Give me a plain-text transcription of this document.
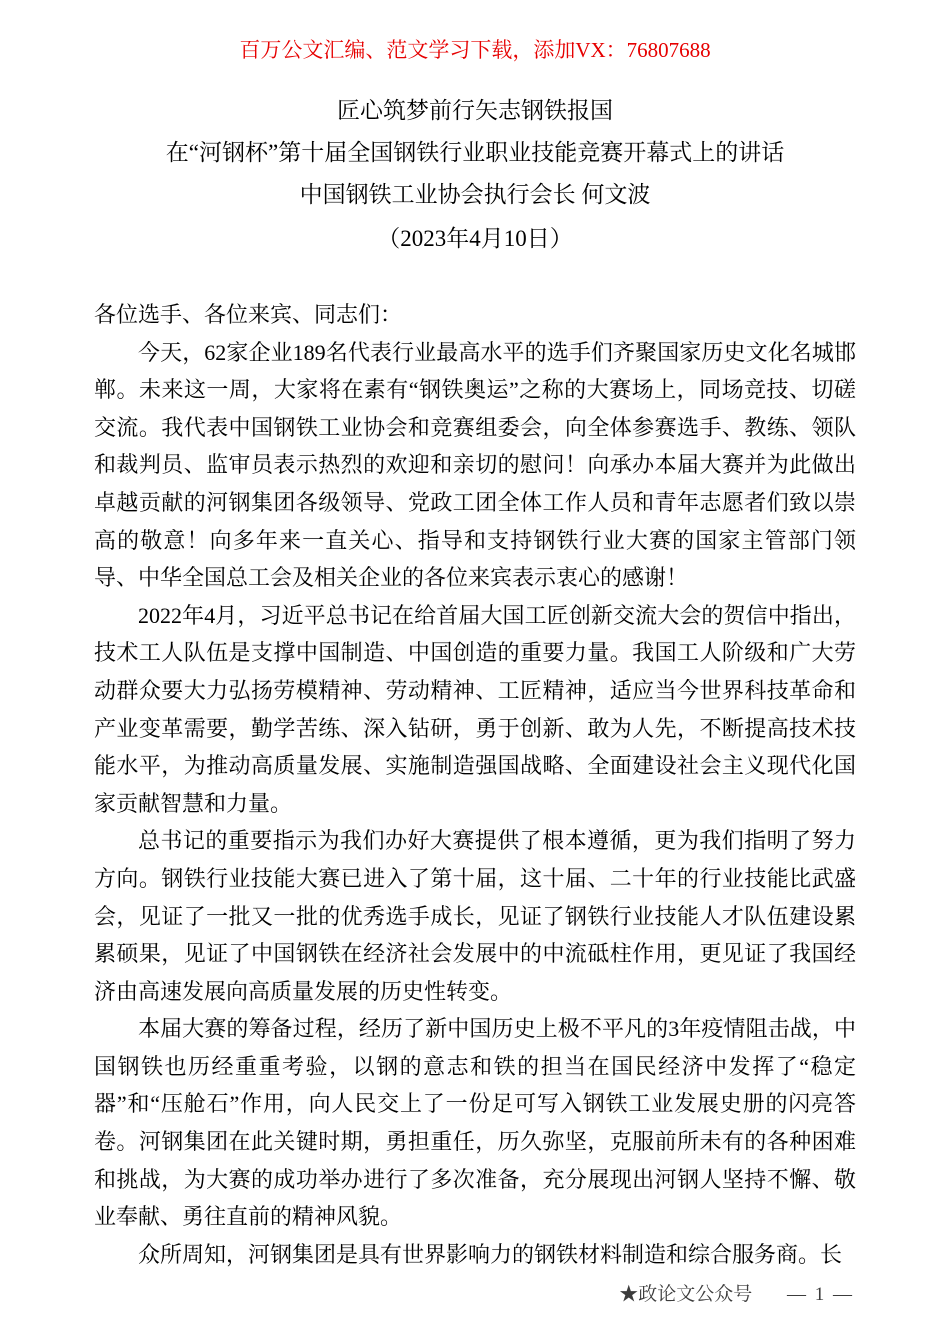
百万公文汇编、范文学习下载，添加VX：76807688
匠心筑梦前行矢志钢铁报国
在“河钢杯”第十届全国钢铁行业职业技能竞赛开幕式上的讲话
中国钢铁工业协会执行会长 何文波
（2023年4月10日）

各位选手、各位来宾、同志们：

今天，62家企业189名代表行业最高水平的选手们齐聚国家历史文化名城邯郸。未来这一周，大家将在素有“钢铁奥运”之称的大赛场上，同场竞技、切磋交流。我代表中国钢铁工业协会和竞赛组委会，向全体参赛选手、教练、领队和裁判员、监审员表示热烈的欢迎和亲切的慰问！向承办本届大赛并为此做出卓越贡献的河钢集团各级领导、党政工团全体工作人员和青年志愿者们致以崇高的敬意！向多年来一直关心、指导和支持钢铁行业大赛的国家主管部门领导、中华全国总工会及相关企业的各位来宾表示衷心的感谢！

2022年4月，习近平总书记在给首届大国工匠创新交流大会的贺信中指出，技术工人队伍是支撑中国制造、中国创造的重要力量。我国工人阶级和广大劳动群众要大力弘扬劳模精神、劳动精神、工匠精神，适应当今世界科技革命和产业变革需要，勤学苦练、深入钻研，勇于创新、敢为人先，不断提高技术技能水平，为推动高质量发展、实施制造强国战略、全面建设社会主义现代化国家贡献智慧和力量。

总书记的重要指示为我们办好大赛提供了根本遵循，更为我们指明了努力方向。钢铁行业技能大赛已进入了第十届，这十届、二十年的行业技能比武盛会，见证了一批又一批的优秀选手成长，见证了钢铁行业技能人才队伍建设累累硕果，见证了中国钢铁在经济社会发展中的中流砥柱作用，更见证了我国经济由高速发展向高质量发展的历史性转变。

本届大赛的筹备过程，经历了新中国历史上极不平凡的3年疫情阻击战，中国钢铁也历经重重考验，以钢的意志和铁的担当在国民经济中发挥了“稳定器”和“压舱石”作用，向人民交上了一份足可写入钢铁工业发展史册的闪亮答卷。河钢集团在此关键时期，勇担重任，历久弥坚，克服前所未有的各种困难和挑战，为大赛的成功举办进行了多次准备，充分展现出河钢人坚持不懈、敬业奉献、勇往直前的精神风貌。

众所周知，河钢集团是具有世界影响力的钢铁材料制造和综合服务商。长

★政论文公众号 — 1 —
